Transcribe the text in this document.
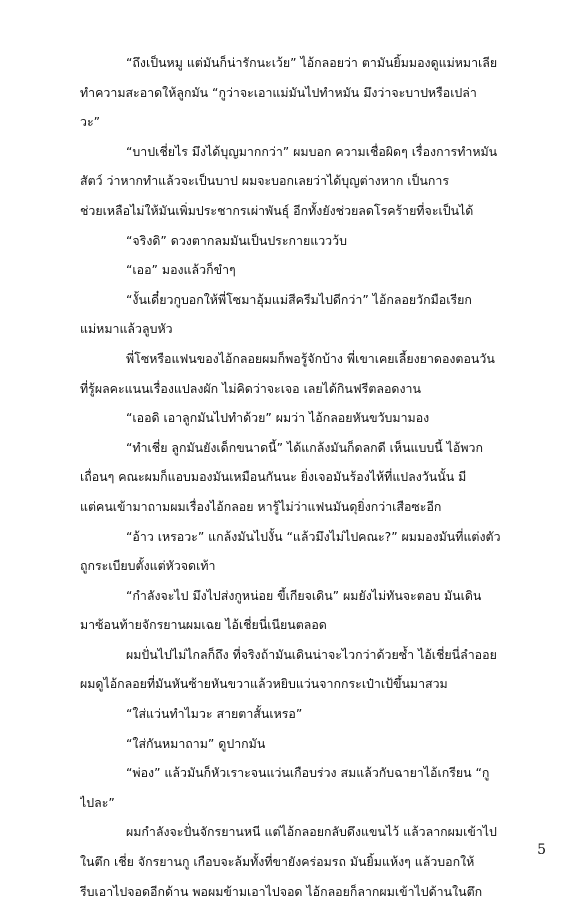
“ถึงเป็นหมู แต่มันก็น่ารักนะเว้ย” ไอ้กลอยว่า ตามันยิ้มมองดูแม่หมาเลีย
ทำความสะอาดให้ลูกมัน “กูว่าจะเอาแม่มันไปทำหมัน มึงว่าจะบาปหรือเปล่า
วะ”
“บาปเชี่ยไร มึงได้บุญมากกว่า” ผมบอก ความเชื่อผิดๆ เรื่องการทำหมัน
สัตว์ ว่าหากทำแล้วจะเป็นบาป ผมจะบอกเลยว่าได้บุญต่างหาก เป็นการ
ช่วยเหลือไม่ให้มันเพิ่มประชากรเผ่าพันธุ์ อีกทั้งยังช่วยลดโรคร้ายที่จะเป็นได้
“จริงดิ” ดวงตากลมมันเป็นประกายแววว้บ
“เออ” มองแล้วก็ขำๆ
“งั้นเดี๋ยวกูบอกให้พี่โซมาอุ้มแม่สีครีมไปดีกว่า” ไอ้กลอยวักมือเรียก
แม่หมาแล้วลูบหัว
พี่โซหรือแฟนของไอ้กลอยผมก็พอรู้จักบ้าง พี่เขาเคยเลี้ยงยาดองตอนวัน
ที่รู้ผลคะแนนเรื่องแปลงผัก ไม่คิดว่าจะเจอ เลยได้กินฟรีตลอดงาน
“เออดิ เอาลูกมันไปทำด้วย” ผมว่า ไอ้กลอยหันขวับมามอง
“ทำเชี่ย ลูกมันยังเด็กขนาดนี้” ได้แกล้งมันก็ดลกดี เห็นแบบนี้ ไอ้พวก
เถื่อนๆ คณะผมก็แอบมองมันเหมือนกันนะ ยิ่งเจอมันร้องไห้ที่แปลงวันนั้น มี
แต่คนเข้ามาถามผมเรื่องไอ้กลอย หารู้ไม่ว่าแฟนมันดุยิ่งกว่าเสือซะอีก
“อ้าว เหรอวะ” แกล้งมันไปงั้น “แล้วมึงไม่ไปคณะ?” ผมมองมันที่แต่งตัว
ถูกระเบียบตั้งแต่หัวจดเท้า
“กำลังจะไป มึงไปส่งกูหน่อย ขี้เกียจเดิน” ผมยังไม่ทันจะตอบ มันเดิน
มาซ้อนท้ายจักรยานผมเฉย ไอ้เชี่ยนี่เนียนตลอด
ผมปั่นไปไม่ไกลก็ถึง ที่จริงถ้ามันเดินน่าจะไวกว่าด้วยซ้ำ ไอ้เชี่ยนี่ลำออย
ผมดูไอ้กลอยที่มันหันซ้ายหันขวาแล้วหยิบแว่นจากกระเป๋าเป้ขึ้นมาสวม
“ใส่แว่นทำไมวะ สายตาสั้นเหรอ”
“ใส่กันหมาถาม” ดูปากมัน
“พ่อง” แล้วมันก็หัวเราะจนแว่นเกือบร่วง สมแล้วกับฉายาไอ้เกรียน “กู
ไปละ”
ผมกำลังจะปั่นจักรยานหนี แต่ไอ้กลอยกลับดึงแขนไว้ แล้วลากผมเข้าไป
ในตึก เชี่ย จักรยานกู เกือบจะล้มทั้งที่ขายังคร่อมรถ มันยิ้มแห้งๆ แล้วบอกให้
รีบเอาไปจอดอีกด้าน พอผมข้ามเอาไปจอด ไอ้กลอยก็ลากผมเข้าไปด้านในตึก
5
